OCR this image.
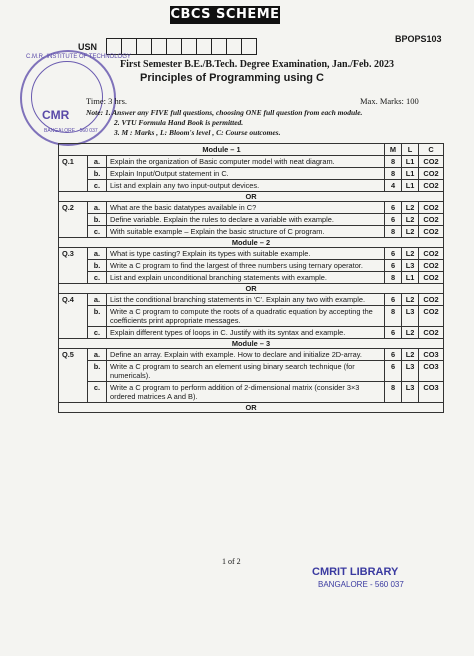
CBCS SCHEME
BPOPS103
USN
C.M.R. INSTITUTE OF TECHNOLOGY
CMR
BANGALORE - 560 037
First Semester B.E./B.Tech. Degree Examination, Jan./Feb. 2023
Principles of Programming using C
Time: 3 hrs.	Max. Marks: 100
Note: 1. Answer any FIVE full questions, choosing ONE full question from each module.
2. VTU Formula Hand Book is permitted.
3. M : Marks , L: Bloom's level , C: Course outcomes.
Module – 1			M	L	C
Q.1	a.	Explain the organization of Basic computer model with neat diagram.	8	L1	CO2
	b.	Explain Input/Output statement in C.	8	L1	CO2
	c.	List and explain any two input-output devices.	4	L1	CO2
OR					
Q.2	a.	What are the basic datatypes available in C?	6	L2	CO2
	b.	Define variable. Explain the rules to declare a variable with example.	6	L2	CO2
	c.	With suitable example – Explain the basic structure of C program.	8	L2	CO2
Module – 2					
Q.3	a.	What is type casting? Explain its types with suitable example.	6	L2	CO2
	b.	Write a C program to find the largest of three numbers using ternary operator.	6	L3	CO2
	c.	List and explain unconditional branching statements with example.	8	L1	CO2
OR					
Q.4	a.	List the conditional branching statements in 'C'. Explain any two with example.	6	L2	CO2
	b.	Write a C program to compute the roots of a quadratic equation by accepting the coefficients print appropriate messages.	8	L3	CO2
	c.	Explain different types of loops in C. Justify with its syntax and example.	6	L2	CO2
Module – 3					
Q.5	a.	Define an array. Explain with example. How to declare and initialize 2D-array.	6	L2	CO3
	b.	Write a C program to search an element using binary search technique (for numericals).	6	L3	CO3
	c.	Write a C program to perform addition of 2-dimensional matrix (consider 3×3 ordered matrices A and B).	8	L3	CO3
OR					
1 of 2
CMRIT LIBRARY
BANGALORE - 560 037
